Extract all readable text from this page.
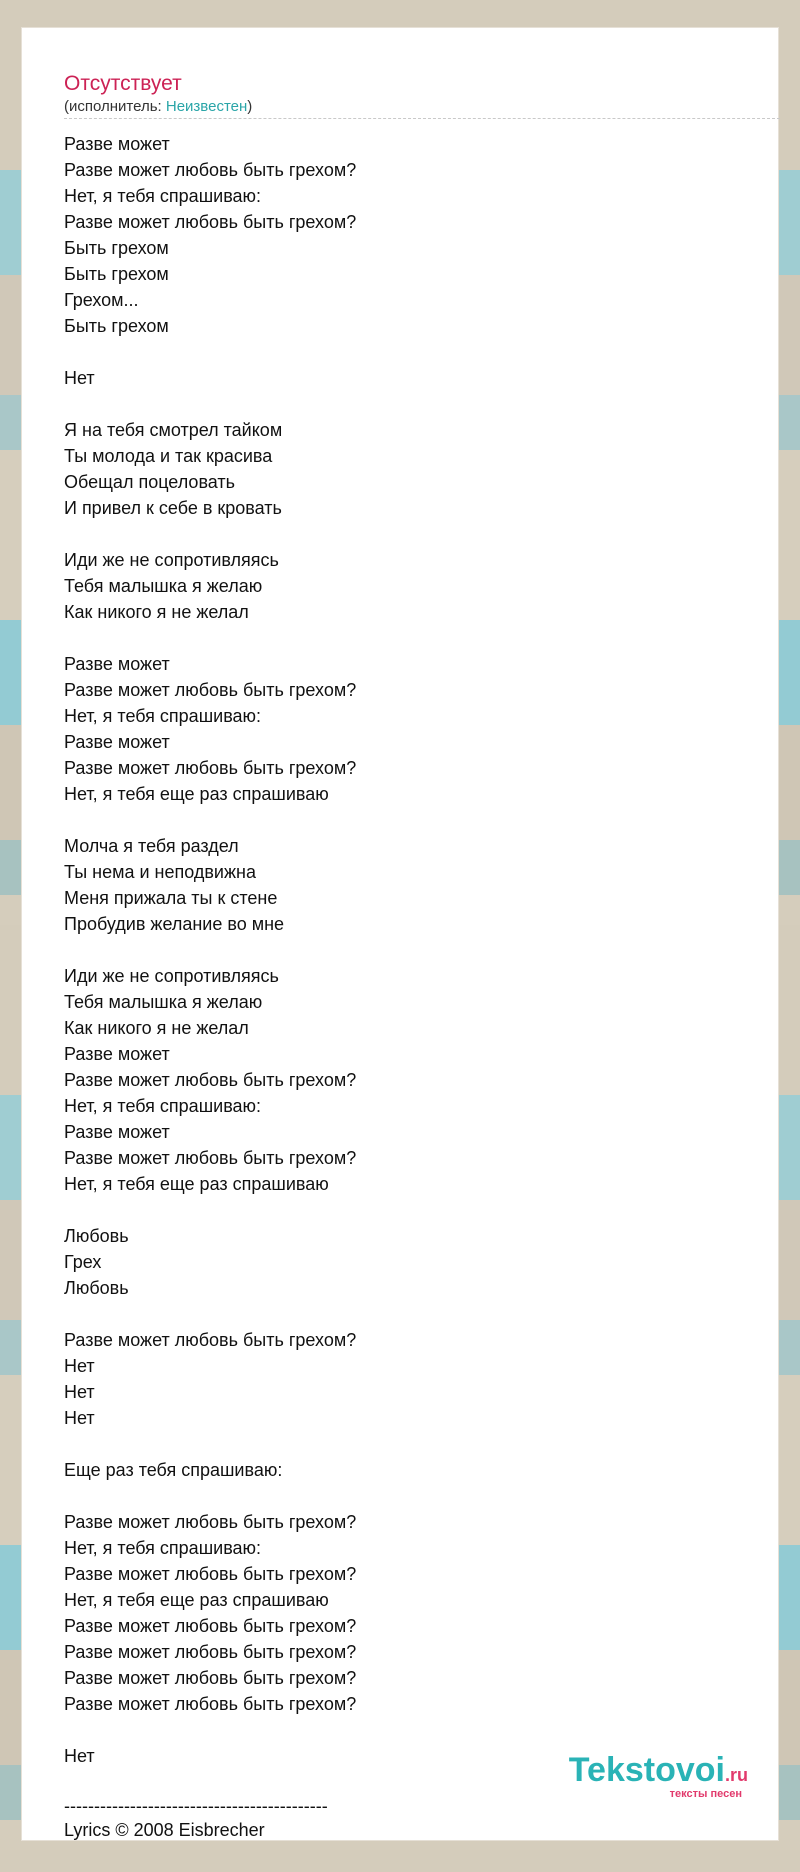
Отсутствует
(исполнитель: Неизвестен)
Разве может
Разве может любовь быть грехом?
Нет, я тебя спрашиваю:
Разве может любовь быть грехом?
Быть грехом
Быть грехом
Грехом...
Быть грехом

Нет

Я на тебя смотрел тайком
Ты молода и так красива
Обещал поцеловать
И привел к себе в кровать

Иди же не сопротивляясь
Тебя малышка я желаю
Как никого я не желал

Разве может
Разве может любовь быть грехом?
Нет, я тебя спрашиваю:
Разве может
Разве может любовь быть грехом?
Нет, я тебя еще раз спрашиваю

Молча я тебя раздел
Ты нема и неподвижна
Меня прижала ты к стене
Пробудив желание во мне

Иди же не сопротивляясь
Тебя малышка я желаю
Как никого я не желал
Разве может
Разве может любовь быть грехом?
Нет, я тебя спрашиваю:
Разве может
Разве может любовь быть грехом?
Нет, я тебя еще раз спрашиваю

Любовь
Грех
Любовь

Разве может любовь быть грехом?
Нет
Нет
Нет

Еще раз тебя спрашиваю:

Разве может любовь быть грехом?
Нет, я тебя спрашиваю:
Разве может любовь быть грехом?
Нет, я тебя еще раз спрашиваю
Разве может любовь быть грехом?
Разве может любовь быть грехом?
Разве может любовь быть грехом?
Разве может любовь быть грехом?

Нет
--------------------------------------------
Lyrics © 2008 Eisbrecher
Tekstovoi.ru
тексты песен
